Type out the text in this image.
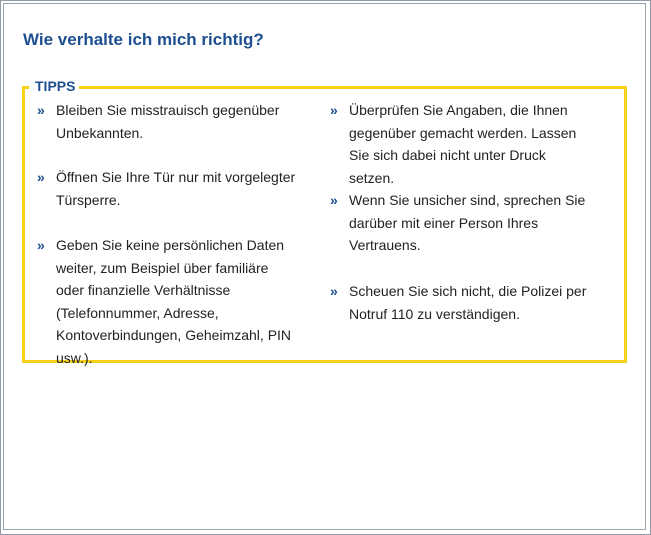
Wie verhalte ich mich richtig?
TIPPS
» Bleiben Sie misstrauisch gegenüber Unbekannten.
» Öffnen Sie Ihre Tür nur mit vorgelegter Türsperre.
» Geben Sie keine persönlichen Daten weiter, zum Beispiel über familiäre oder finanzielle Verhältnisse (Telefonnummer, Adresse, Kontoverbindungen, Geheimzahl, PIN usw.).
» Überprüfen Sie Angaben, die Ihnen gegenüber gemacht werden. Lassen Sie sich dabei nicht unter Druck setzen.
» Wenn Sie unsicher sind, sprechen Sie darüber mit einer Person Ihres Vertrauens.
» Scheuen Sie sich nicht, die Polizei per Notruf 110 zu verständigen.
